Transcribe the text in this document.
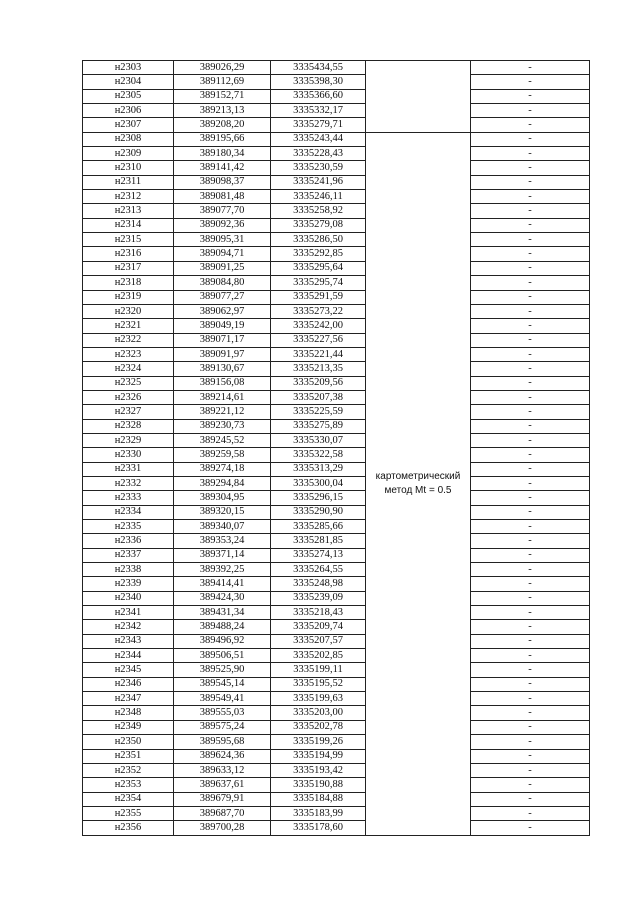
н2303	389026,29	3335434,55		-
н2304	389112,69	3335398,30		-
н2305	389152,71	3335366,60		-
н2306	389213,13	3335332,17		-
н2307	389208,20	3335279,71		-
н2308	389195,66	3335243,44	картометрический метод Mt = 0.5	-
н2309	389180,34	3335228,43		-
н2310	389141,42	3335230,59		-
н2311	389098,37	3335241,96		-
н2312	389081,48	3335246,11		-
н2313	389077,70	3335258,92		-
н2314	389092,36	3335279,08		-
н2315	389095,31	3335286,50		-
н2316	389094,71	3335292,85		-
н2317	389091,25	3335295,64		-
н2318	389084,80	3335295,74		-
н2319	389077,27	3335291,59		-
н2320	389062,97	3335273,22		-
н2321	389049,19	3335242,00		-
н2322	389071,17	3335227,56		-
н2323	389091,97	3335221,44		-
н2324	389130,67	3335213,35		-
н2325	389156,08	3335209,56		-
н2326	389214,61	3335207,38		-
н2327	389221,12	3335225,59		-
н2328	389230,73	3335275,89		-
н2329	389245,52	3335330,07		-
н2330	389259,58	3335322,58		-
н2331	389274,18	3335313,29		-
н2332	389294,84	3335300,04		-
н2333	389304,95	3335296,15		-
н2334	389320,15	3335290,90		-
н2335	389340,07	3335285,66		-
н2336	389353,24	3335281,85		-
н2337	389371,14	3335274,13		-
н2338	389392,25	3335264,55		-
н2339	389414,41	3335248,98		-
н2340	389424,30	3335239,09		-
н2341	389431,34	3335218,43		-
н2342	389488,24	3335209,74		-
н2343	389496,92	3335207,57		-
н2344	389506,51	3335202,85		-
н2345	389525,90	3335199,11		-
н2346	389545,14	3335195,52		-
н2347	389549,41	3335199,63		-
н2348	389555,03	3335203,00		-
н2349	389575,24	3335202,78		-
н2350	389595,68	3335199,26		-
н2351	389624,36	3335194,99		-
н2352	389633,12	3335193,42		-
н2353	389637,61	3335190,88		-
н2354	389679,91	3335184,88		-
н2355	389687,70	3335183,99		-
н2356	389700,28	3335178,60		-
